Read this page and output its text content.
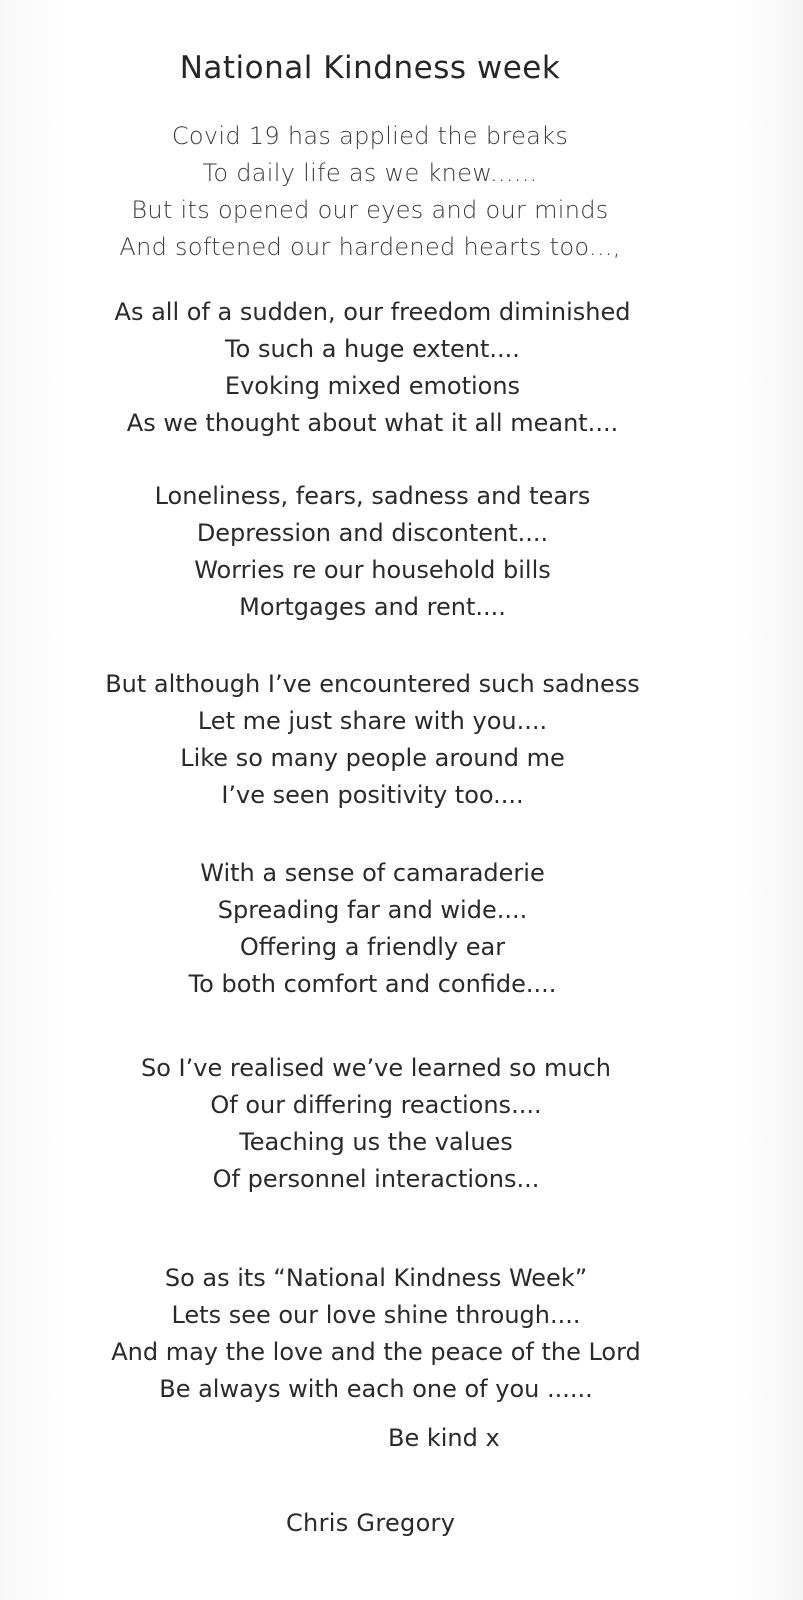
National Kindness week
Covid 19 has applied the breaks
To daily life as we knew......
But its opened our eyes and our minds
And softened our hardened hearts too...,
As all of a sudden, our freedom diminished
To such a huge extent....
Evoking mixed emotions
As we thought about what it all meant....
Loneliness, fears, sadness and tears
Depression and discontent....
Worries re our household bills
Mortgages and rent....
But although I’ve encountered such sadness
Let me just share with you....
Like so many people around me
I’ve seen positivity too....
With a sense of camaraderie
Spreading far and wide....
Offering a friendly ear
To both comfort and confide....
So I’ve realised we’ve learned so much
Of our differing reactions....
Teaching us the values
Of personnel interactions...
So as its “National Kindness Week”
Lets see our love shine through....
And may the love and the peace of the Lord
Be always with each one of you ......
Be kind x
Chris Gregory
